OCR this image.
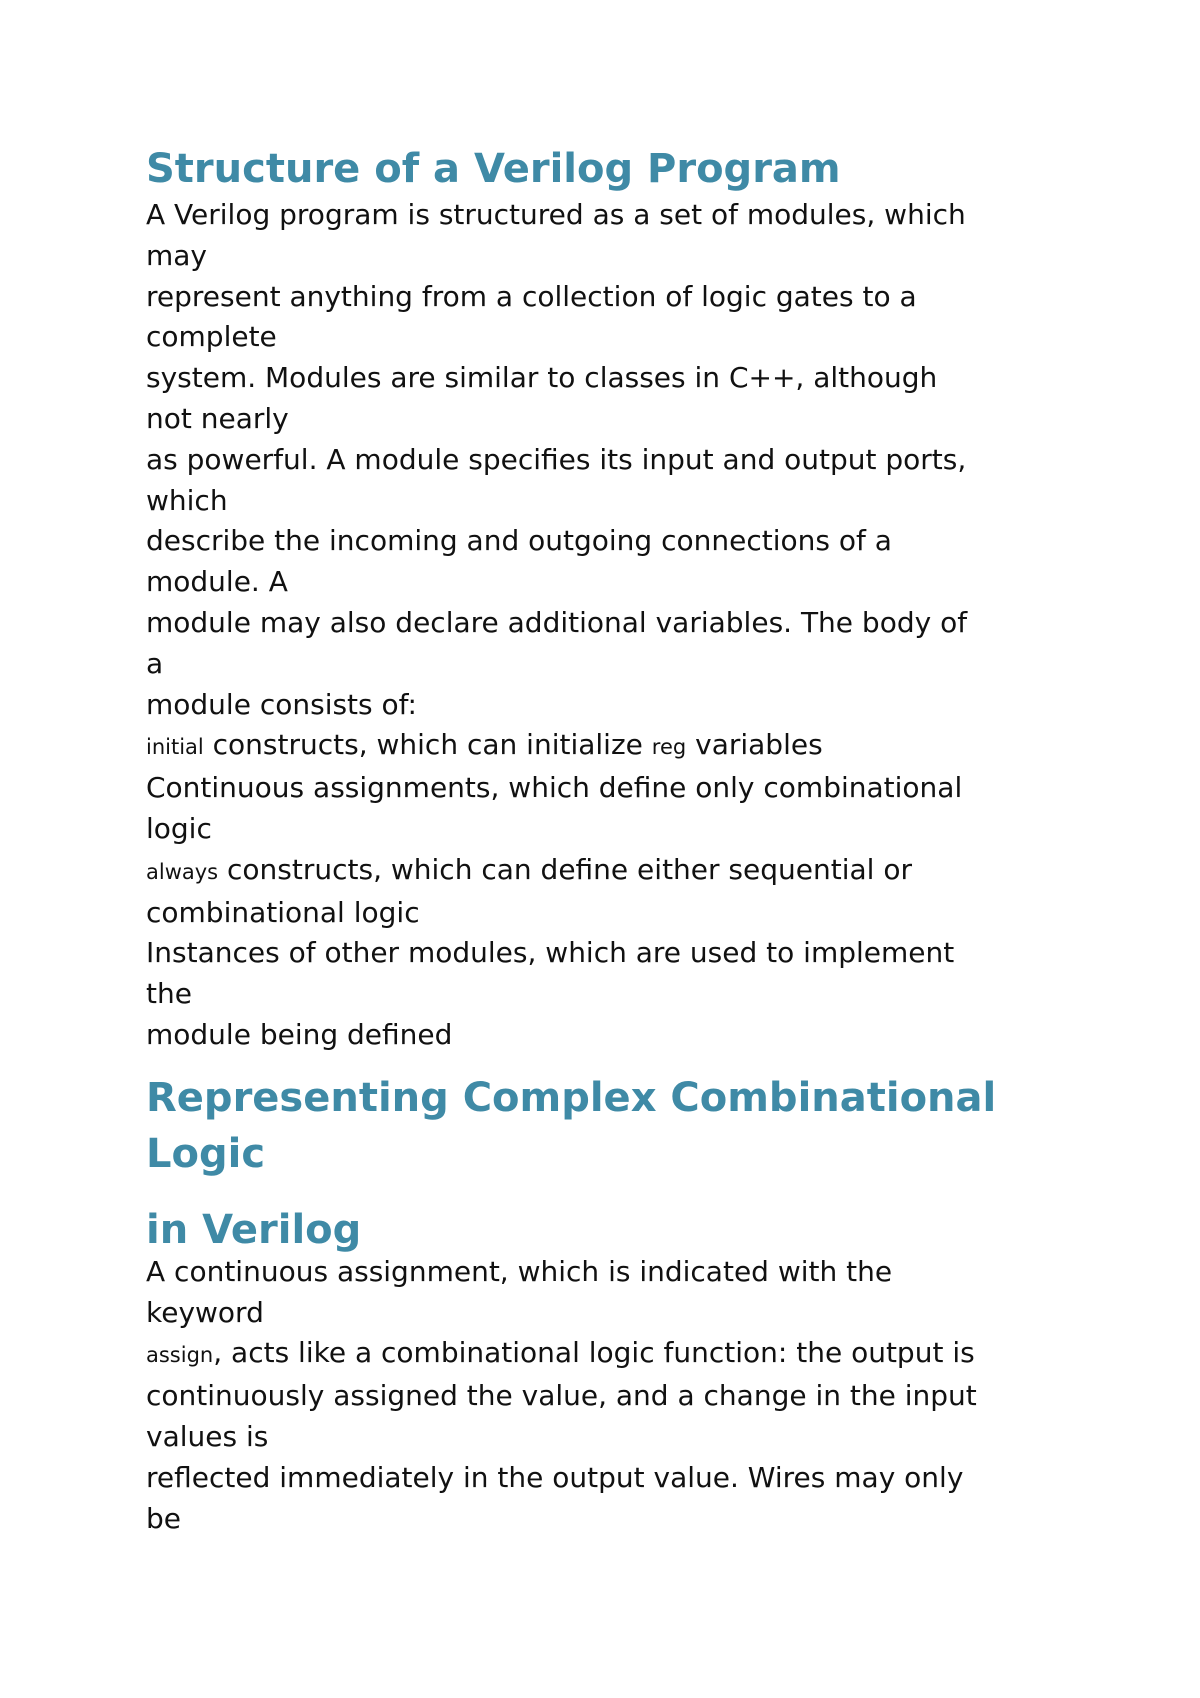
Structure of a Verilog Program
A Verilog program is structured as a set of modules, which
may
represent anything from a collection of logic gates to a
complete
system. Modules are similar to classes in C++, although
not nearly
as powerful. A module specifies its input and output ports,
which
describe the incoming and outgoing connections of a
module. A
module may also declare additional variables. The body of
a
module consists of:
initial constructs, which can initialize reg variables
Continuous assignments, which define only combinational
logic
always constructs, which can define either sequential or
combinational logic
Instances of other modules, which are used to implement
the
module being defined
Representing Complex Combinational
Logic
in Verilog
A continuous assignment, which is indicated with the
keyword
assign, acts like a combinational logic function: the output is
continuously assigned the value, and a change in the input
values is
reflected immediately in the output value. Wires may only
be
